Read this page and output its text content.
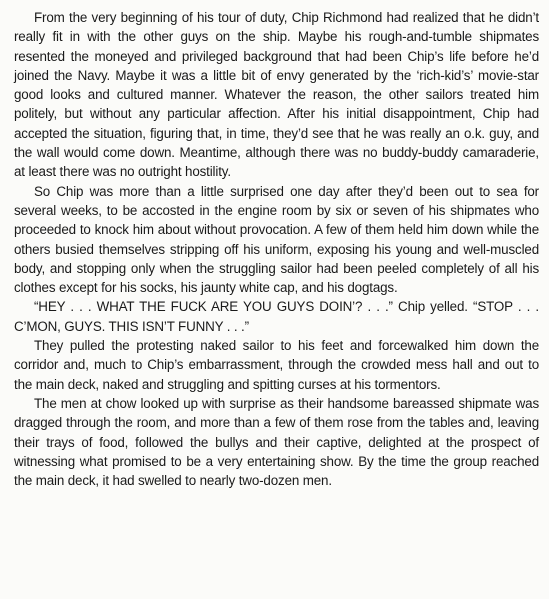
From the very beginning of his tour of duty, Chip Richmond had realized that he didn’t really fit in with the other guys on the ship. Maybe his rough-and-tumble shipmates resented the moneyed and privileged background that had been Chip’s life before he’d joined the Navy. Maybe it was a little bit of envy generated by the ‘rich-kid’s’ movie-star good looks and cultured manner. Whatever the reason, the other sailors treated him politely, but without any particular affection. After his initial disappointment, Chip had accepted the situation, figuring that, in time, they’d see that he was really an o.k. guy, and the wall would come down. Meantime, although there was no buddy-buddy camaraderie, at least there was no outright hostility.

So Chip was more than a little surprised one day after they’d been out to sea for several weeks, to be accosted in the engine room by six or seven of his shipmates who proceeded to knock him about without provocation. A few of them held him down while the others busied themselves stripping off his uniform, exposing his young and well-muscled body, and stopping only when the struggling sailor had been peeled completely of all his clothes except for his socks, his jaunty white cap, and his dogtags.

“HEY . . . WHAT THE FUCK ARE YOU GUYS DOIN’? . . .” Chip yelled. “STOP . . . C’MON, GUYS. THIS ISN’T FUNNY . . .”

They pulled the protesting naked sailor to his feet and forcewalked him down the corridor and, much to Chip’s embarrassment, through the crowded mess hall and out to the main deck, naked and struggling and spitting curses at his tormentors.

The men at chow looked up with surprise as their handsome bareassed shipmate was dragged through the room, and more than a few of them rose from the tables and, leaving their trays of food, followed the bullys and their captive, delighted at the prospect of witnessing what promised to be a very entertaining show. By the time the group reached the main deck, it had swelled to nearly two-dozen men.
